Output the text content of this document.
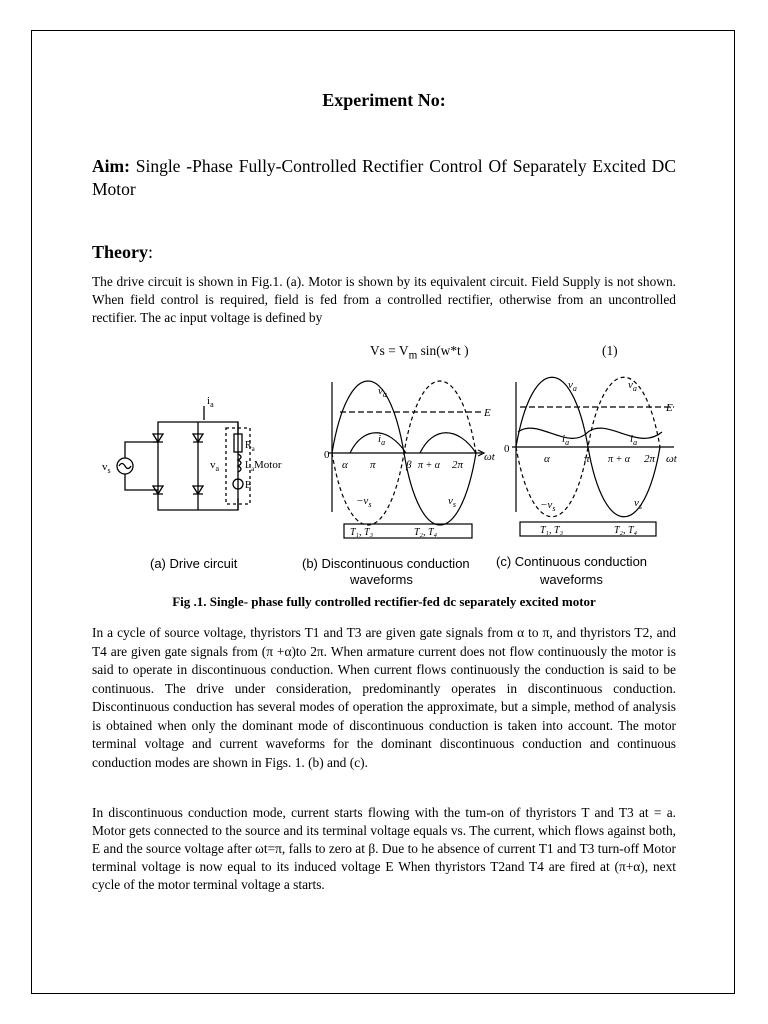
Experiment No:
Aim: Single -Phase Fully-Controlled Rectifier Control Of Separately Excited DC Motor
Theory:
The drive circuit is shown in Fig.1. (a). Motor is shown by its equivalent circuit. Field Supply is not shown. When field control is required, field is fed from a controlled rectifier, otherwise from an uncontrolled rectifier. The ac input voltage is defined by
$Vs = V_m$ sin(w*t )	(1)
$v_s$
$i_a$
Motor
$v_a$
$R_a$
$L_a$
E
(a) Drive circuit
0
$v_a$
E
α π	β π + α 2π
ωt
$i_a$
$-v_s$	$v_s$
T₁, T₃	T₂, T₄
(b) Discontinuous conduction
waveforms
0
$v_a$	$v_a$
E
α	π π + α 2π ωt
$i_a$	$i_a$
$-v_s$	$v_s$
T₁, T₃	T₂, T₄
(c) Continuous conduction
waveforms
Fig .1. Single- phase fully controlled rectifier-fed dc separately excited motor
In a cycle of source voltage, thyristors T1 and T3 are given gate signals from α to π, and thyristors T2, and T4 are given gate signals from (π +α)to 2π. When armature current does not flow continuously the motor is said to operate in discontinuous conduction. When current flows continuously the conduction is said to be continuous. The drive under consideration, predominantly operates in discontinuous conduction. Discontinuous conduction has several modes of operation the approximate, but a simple, method of analysis is obtained when only the dominant mode of discontinuous conduction is taken into account. The motor terminal voltage and current waveforms for the dominant discontinuous conduction and continuous conduction modes are shown in Figs. 1. (b) and (c).
In discontinuous conduction mode, current starts flowing with the tum-on of thyristors T and T3 at = a. Motor gets connected to the source and its terminal voltage equals vs. The current, which flows against both, E and the source voltage after ωt=π, falls to zero at β. Due to he absence of current T1 and T3 turn-off Motor terminal voltage is now equal to its induced voltage E When thyristors T2and T4 are fired at (π+α), next cycle of the motor terminal voltage a starts.
